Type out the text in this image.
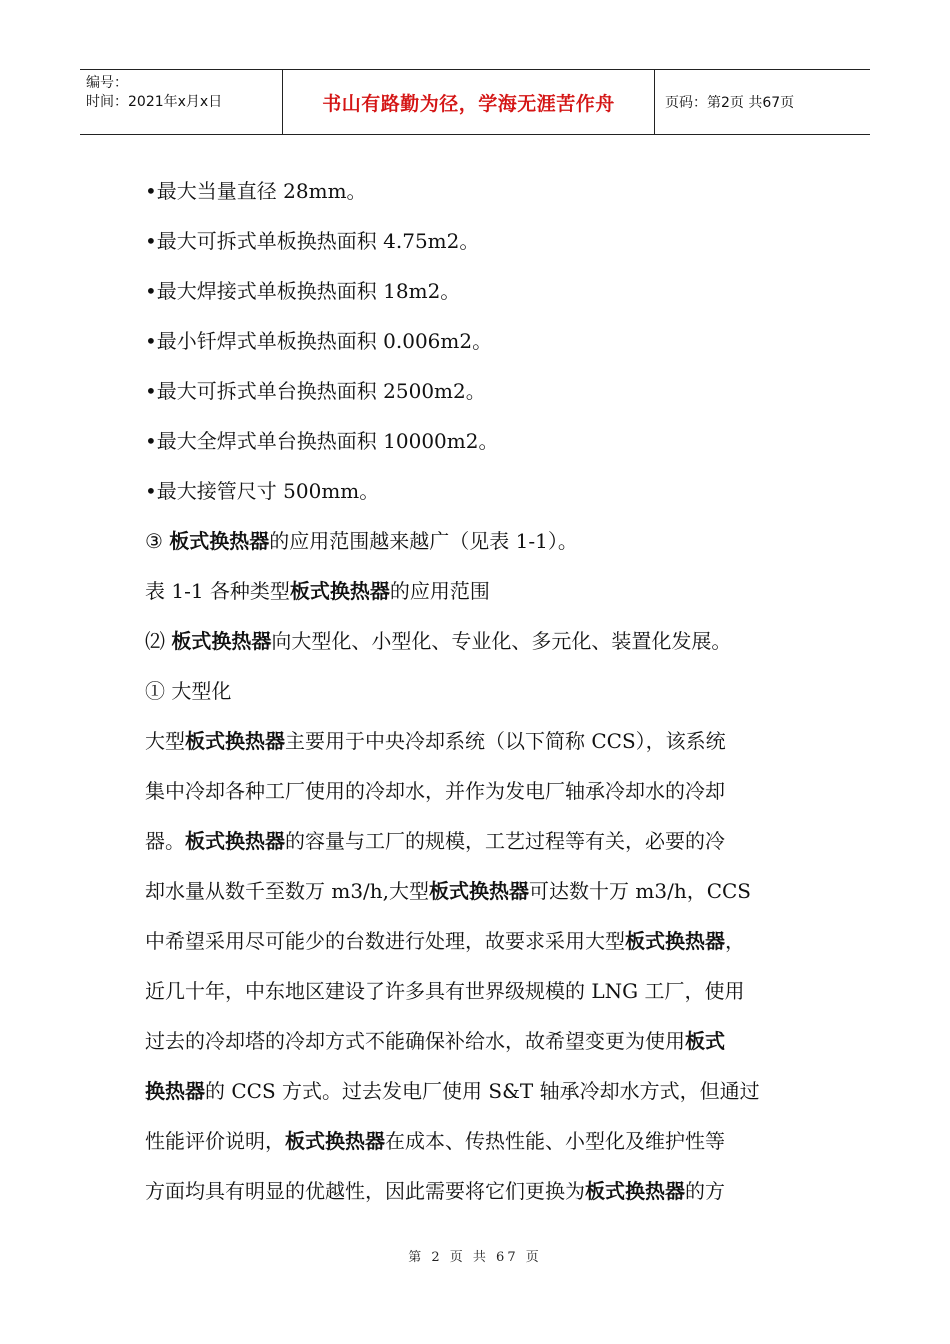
编号：
时间：2021年x月x日	书山有路勤为径，学海无涯苦作舟	页码：第2页 共67页

•最大当量直径 28mm。

•最大可拆式单板换热面积 4.75m2。

•最大焊接式单板换热面积 18m2。

•最小钎焊式单板换热面积 0.006m2。

•最大可拆式单台换热面积 2500m2。

•最大全焊式单台换热面积 10000m2。

•最大接管尺寸 500mm。

③ 板式换热器的应用范围越来越广（见表 1-1）。

表 1-1 各种类型板式换热器的应用范围

⑵ 板式换热器向大型化、小型化、专业化、多元化、装置化发展。

① 大型化

大型板式换热器主要用于中央冷却系统（以下简称 CCS），该系统

集中冷却各种工厂使用的冷却水，并作为发电厂轴承冷却水的冷却

器。板式换热器的容量与工厂的规模，工艺过程等有关，必要的冷

却水量从数千至数万 m3/h,大型板式换热器可达数十万 m3/h，CCS

中希望采用尽可能少的台数进行处理，故要求采用大型板式换热器，

近几十年，中东地区建设了许多具有世界级规模的 LNG 工厂，使用

过去的冷却塔的冷却方式不能确保补给水，故希望变更为使用板式

换热器的 CCS 方式。过去发电厂使用 S&T 轴承冷却水方式，但通过

性能评价说明，板式换热器在成本、传热性能、小型化及维护性等

方面均具有明显的优越性，因此需要将它们更换为板式换热器的方

第 2 页 共 67 页
